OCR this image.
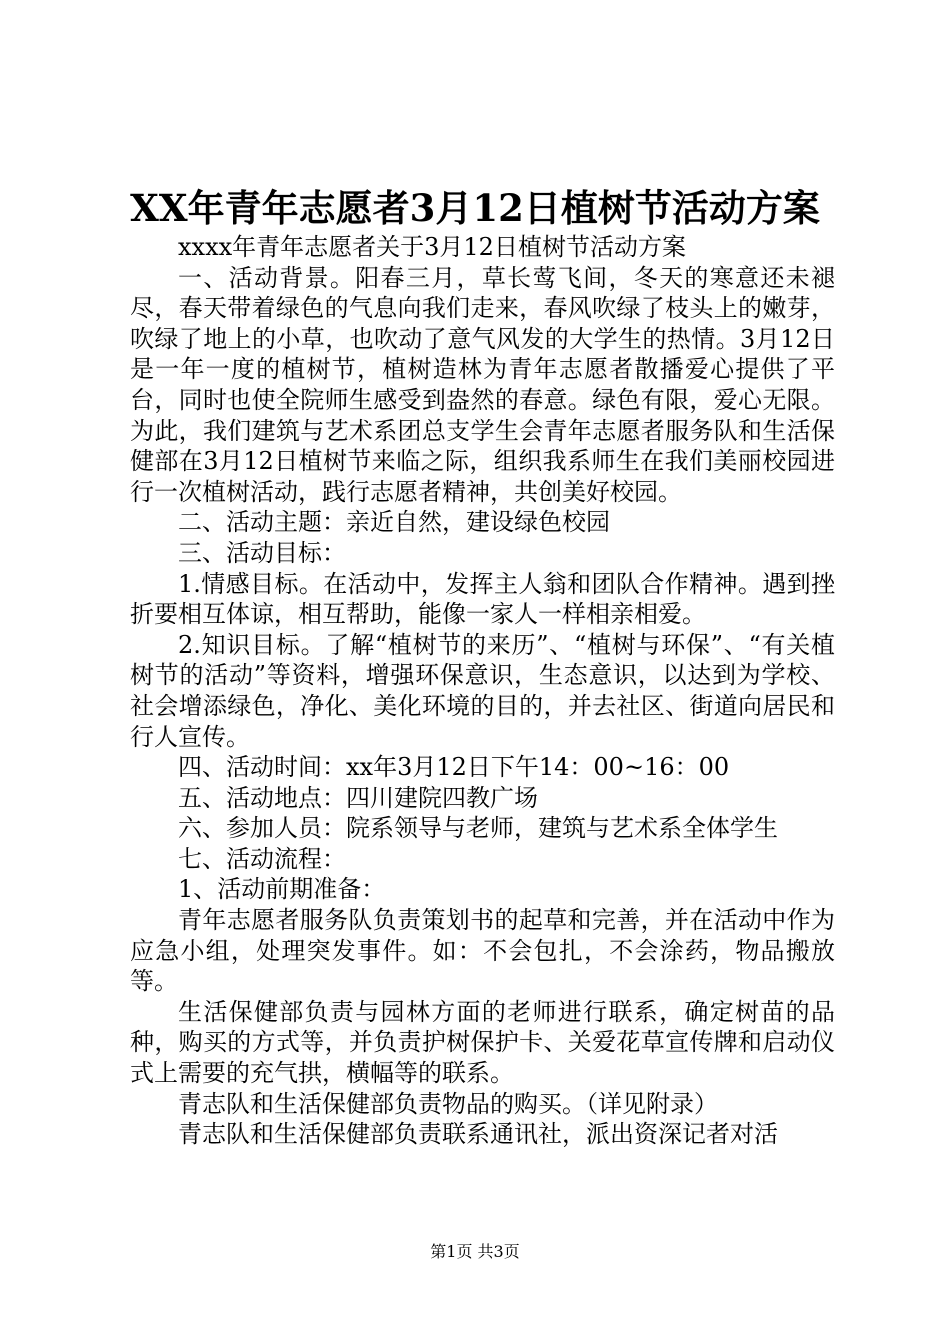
XX年青年志愿者3月12日植树节活动方案

xxxx年青年志愿者关于3月12日植树节活动方案

一、活动背景。阳春三月，草长莺飞间，冬天的寒意还未褪尽，春天带着绿色的气息向我们走来，春风吹绿了枝头上的嫩芽，吹绿了地上的小草，也吹动了意气风发的大学生的热情。3月12日是一年一度的植树节，植树造林为青年志愿者散播爱心提供了平台，同时也使全院师生感受到盎然的春意。绿色有限，爱心无限。为此，我们建筑与艺术系团总支学生会青年志愿者服务队和生活保健部在3月12日植树节来临之际，组织我系师生在我们美丽校园进行一次植树活动，践行志愿者精神，共创美好校园。

二、活动主题：亲近自然，建设绿色校园

三、活动目标：

1.情感目标。在活动中，发挥主人翁和团队合作精神。遇到挫折要相互体谅，相互帮助，能像一家人一样相亲相爱。

2.知识目标。了解“植树节的来历”、“植树与环保”、“有关植树节的活动”等资料，增强环保意识，生态意识，以达到为学校、社会增添绿色，净化、美化环境的目的，并去社区、街道向居民和行人宣传。

四、活动时间：xx年3月12日下午14：00~16：00

五、活动地点：四川建院四教广场

六、参加人员：院系领导与老师，建筑与艺术系全体学生

七、活动流程：

1、活动前期准备：

青年志愿者服务队负责策划书的起草和完善，并在活动中作为应急小组，处理突发事件。如：不会包扎，不会涂药，物品搬放等。

生活保健部负责与园林方面的老师进行联系，确定树苗的品种，购买的方式等，并负责护树保护卡、关爱花草宣传牌和启动仪式上需要的充气拱，横幅等的联系。

青志队和生活保健部负责物品的购买。（详见附录）

青志队和生活保健部负责联系通讯社，派出资深记者对活

第1页 共3页
